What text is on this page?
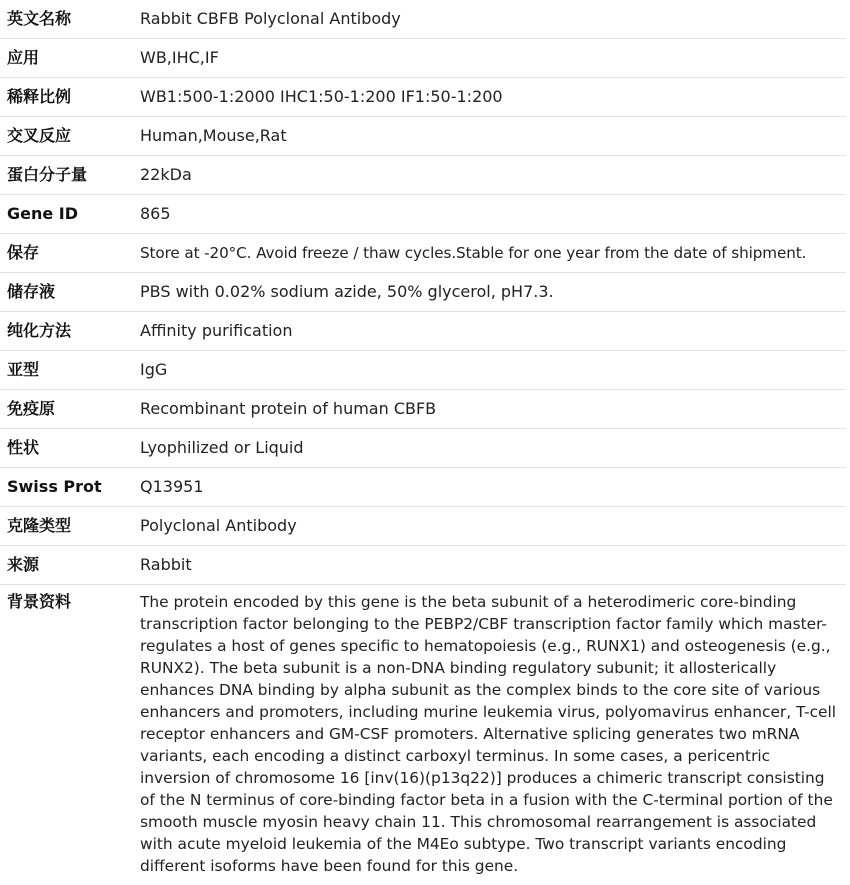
英文名称	Rabbit CBFB Polyclonal Antibody
应用	WB,IHC,IF
稀释比例	WB1:500-1:2000 IHC1:50-1:200 IF1:50-1:200
交叉反应	Human,Mouse,Rat
蛋白分子量	22kDa
Gene ID	865
保存	Store at -20°C. Avoid freeze / thaw cycles.Stable for one year from the date of shipment.
储存液	PBS with 0.02% sodium azide, 50% glycerol, pH7.3.
纯化方法	Affinity purification
亚型	IgG
免疫原	Recombinant protein of human CBFB
性状	Lyophilized or Liquid
Swiss Prot	Q13951
克隆类型	Polyclonal Antibody
来源	Rabbit
背景资料	The protein encoded by this gene is the beta subunit of a heterodimeric core-binding transcription factor belonging to the PEBP2/CBF transcription factor family which master-regulates a host of genes specific to hematopoiesis (e.g., RUNX1) and osteogenesis (e.g., RUNX2). The beta subunit is a non-DNA binding regulatory subunit; it allosterically enhances DNA binding by alpha subunit as the complex binds to the core site of various enhancers and promoters, including murine leukemia virus, polyomavirus enhancer, T-cell receptor enhancers and GM-CSF promoters. Alternative splicing generates two mRNA variants, each encoding a distinct carboxyl terminus. In some cases, a pericentric inversion of chromosome 16 [inv(16)(p13q22)] produces a chimeric transcript consisting of the N terminus of core-binding factor beta in a fusion with the C-terminal portion of the smooth muscle myosin heavy chain 11. This chromosomal rearrangement is associated with acute myeloid leukemia of the M4Eo subtype. Two transcript variants encoding different isoforms have been found for this gene.
